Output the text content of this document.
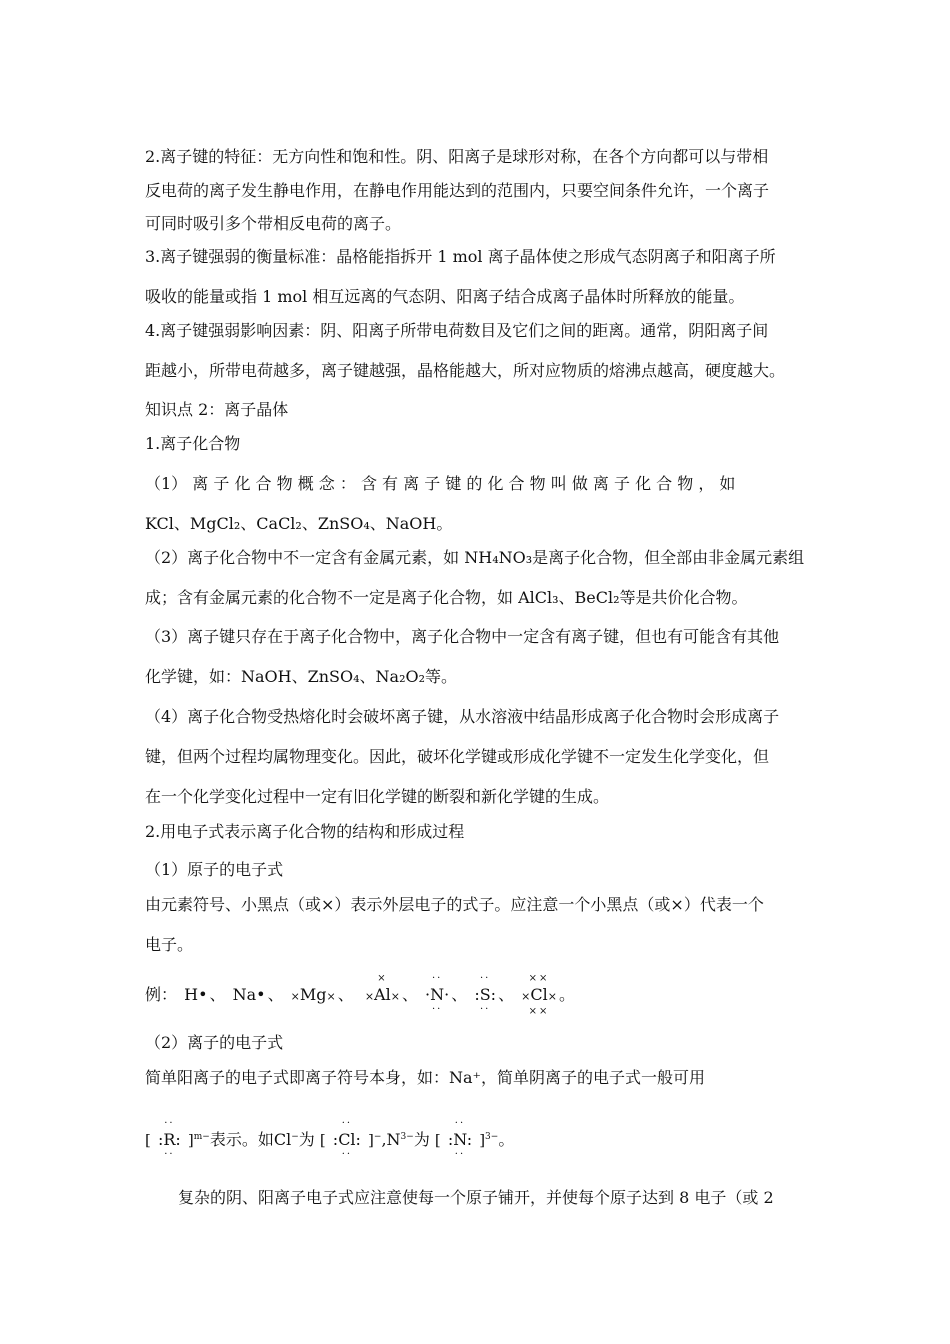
2.离子键的特征：无方向性和饱和性。阴、阳离子是球形对称，在各个方向都可以与带相
反电荷的离子发生静电作用，在静电作用能达到的范围内，只要空间条件允许，一个离子
可同时吸引多个带相反电荷的离子。
3.离子键强弱的衡量标准：晶格能指拆开 1 mol 离子晶体使之形成气态阴离子和阳离子所
吸收的能量或指 1 mol 相互远离的气态阴、阳离子结合成离子晶体时所释放的能量。
4.离子键强弱影响因素：阴、阳离子所带电荷数目及它们之间的距离。通常，阴阳离子间
距越小，所带电荷越多，离子键越强，晶格能越大，所对应物质的熔沸点越高，硬度越大。
知识点 2：离子晶体
1.离子化合物
（1） 离 子 化 合 物 概 念 ： 含 有 离 子 键 的 化 合 物 叫 做 离 子 化 合 物 ， 如
KCl、MgCl₂、CaCl₂、ZnSO₄、NaOH。
（2）离子化合物中不一定含有金属元素，如 NH₄NO₃是离子化合物，但全部由非金属元素组
成；含有金属元素的化合物不一定是离子化合物，如 AlCl₃、BeCl₂等是共价化合物。
（3）离子键只存在于离子化合物中，离子化合物中一定含有离子键，但也有可能含有其他
化学键，如：NaOH、ZnSO₄、Na₂O₂等。
（4）离子化合物受热熔化时会破坏离子键，从水溶液中结晶形成离子化合物时会形成离子
键，但两个过程均属物理变化。因此，破坏化学键或形成化学键不一定发生化学变化，但
在一个化学变化过程中一定有旧化学键的断裂和新化学键的生成。
2.用电子式表示离子化合物的结构和形成过程
（1）原子的电子式
由元素符号、小黑点（或×）表示外层电子的式子。应注意一个小黑点（或×）代表一个
电子。
例： H• 、 Na• 、 ×Mg× 、
×
×Al× 、
··
·N·
··
、
··
:S:
··
、
××
×Cl×
××
。
（2）离子的电子式
简单阳离子的电子式即离子符号本身，如：Na⁺，简单阴离子的电子式一般可用
[
··
:R:
··
]$^{m-}$表示。如Cl−为 [
··
:Cl:
··
]$^-,N^{3-}$为 [
··
:N:
··
]$^{3-}$。
复杂的阴、阳离子电子式应注意使每一个原子铺开，并使每个原子达到 8 电子（或 2
